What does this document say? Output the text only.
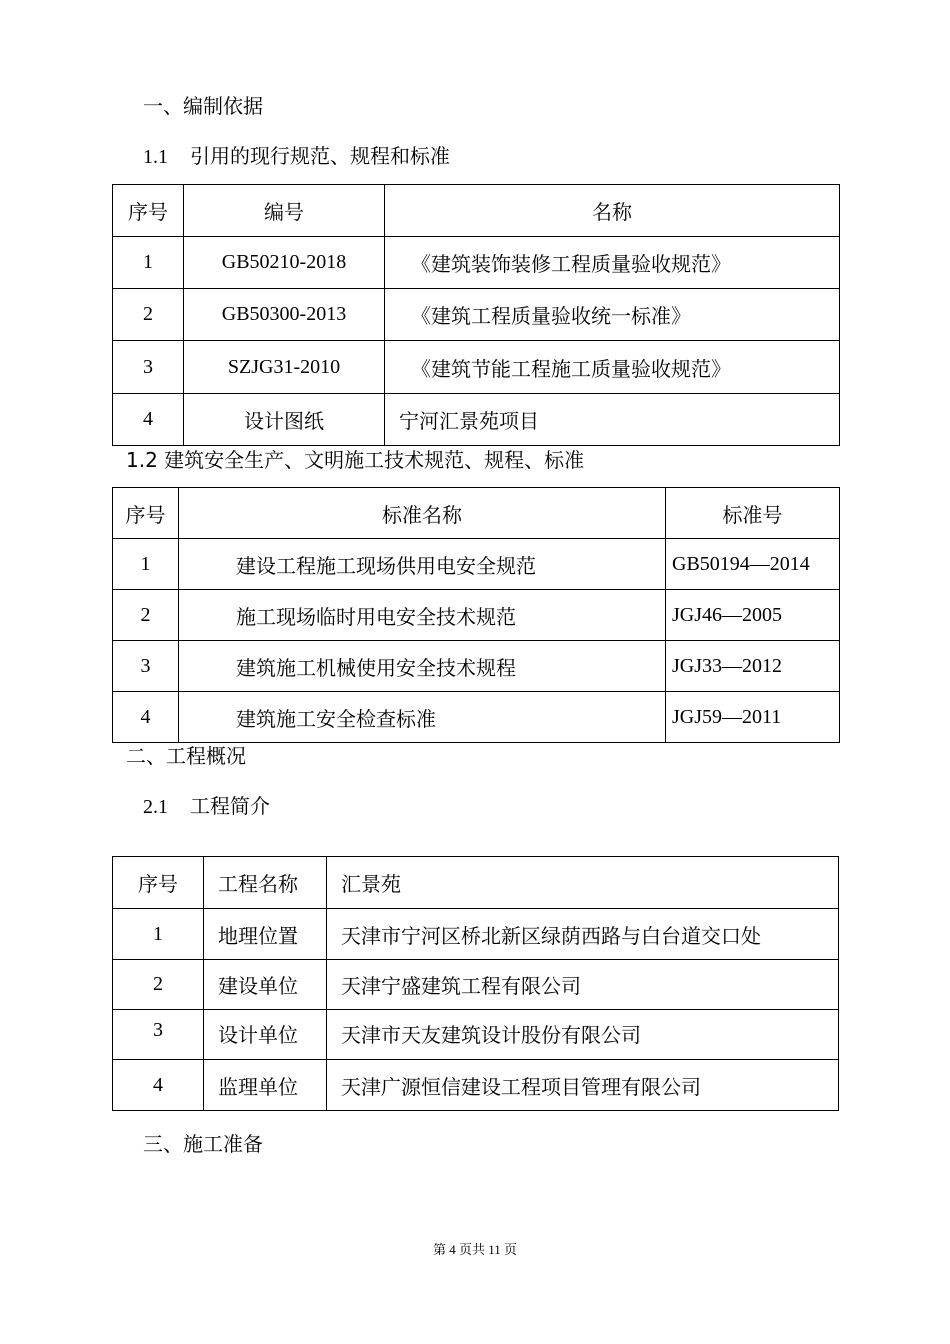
一、编制依据
1.1 引用的现行规范、规程和标准
序号	编号	名称
1	GB50210-2018	《建筑装饰装修工程质量验收规范》
2	GB50300-2013	《建筑工程质量验收统一标准》
3	SZJG31-2010	《建筑节能工程施工质量验收规范》
4	设计图纸	宁河汇景苑项目
1.2 建筑安全生产、文明施工技术规范、规程、标准
序号	标准名称	标准号
1	建设工程施工现场供用电安全规范	GB50194—2014
2	施工现场临时用电安全技术规范	JGJ46—2005
3	建筑施工机械使用安全技术规程	JGJ33—2012
4	建筑施工安全检查标准	JGJ59—2011
二、工程概况
2.1 工程简介
序号	工程名称	汇景苑
1	地理位置	天津市宁河区桥北新区绿荫西路与白台道交口处
2	建设单位	天津宁盛建筑工程有限公司
3	设计单位	天津市天友建筑设计股份有限公司
4	监理单位	天津广源恒信建设工程项目管理有限公司
三、施工准备
第 4 页共 11 页
